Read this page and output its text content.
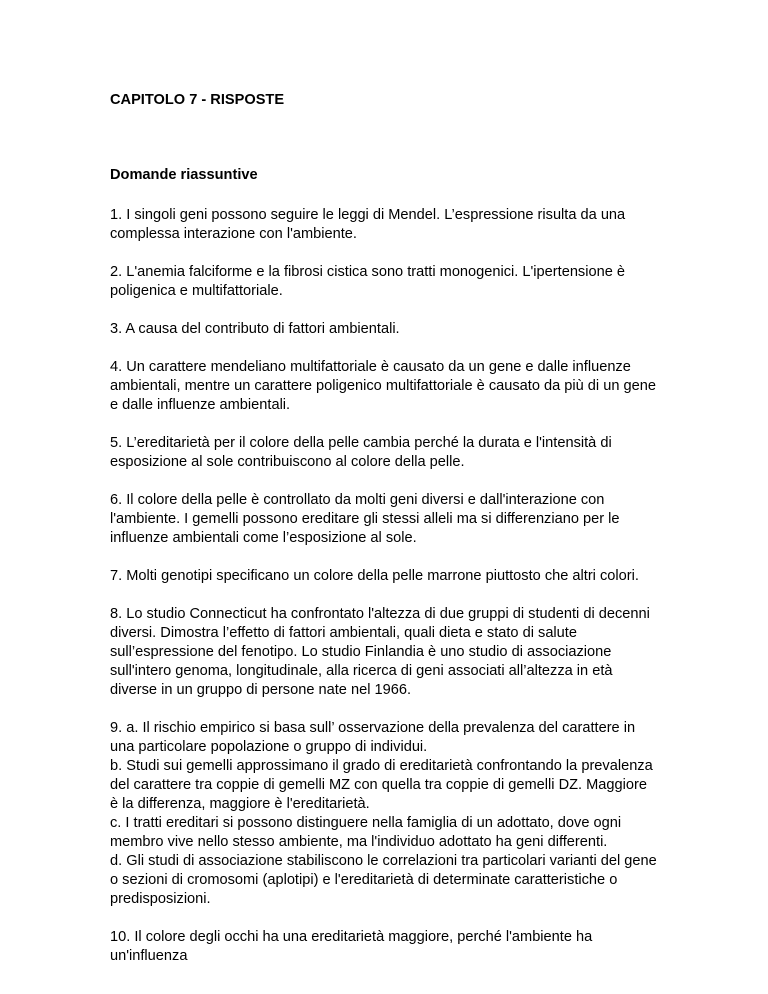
CAPITOLO 7 - RISPOSTE

Domande riassuntive

1. I singoli geni possono seguire le leggi di Mendel. L’espressione risulta da una complessa interazione con l'ambiente.

2. L'anemia falciforme e la fibrosi cistica sono tratti monogenici. L'ipertensione è poligenica e multifattoriale.

3. A causa del contributo di fattori ambientali.

4. Un carattere mendeliano multifattoriale è causato da un gene e dalle influenze ambientali, mentre un carattere poligenico multifattoriale è causato da più di un gene e dalle influenze ambientali.

5. L’ereditarietà per il colore della pelle cambia perché la durata e l'intensità di esposizione al sole contribuiscono al colore della pelle.

6. Il colore della pelle è controllato da molti geni diversi e dall'interazione con l'ambiente. I gemelli possono ereditare gli stessi alleli ma si differenziano per le influenze ambientali come l’esposizione al sole.

7. Molti genotipi specificano un colore della pelle marrone piuttosto che altri colori.

8. Lo studio Connecticut ha confrontato l'altezza di due gruppi di studenti di decenni diversi. Dimostra l’effetto di fattori ambientali, quali dieta e stato di salute sull’espressione del fenotipo. Lo studio Finlandia è uno studio di associazione sull'intero genoma, longitudinale, alla ricerca di geni associati all’altezza in età diverse in un gruppo di persone nate nel 1966.

9. a. Il rischio empirico si basa sull’ osservazione della prevalenza del carattere in una particolare popolazione o gruppo di individui.

b. Studi sui gemelli approssimano il grado di ereditarietà confrontando la prevalenza del carattere tra coppie di gemelli MZ con quella tra coppie di gemelli DZ. Maggiore è la differenza, maggiore è l'ereditarietà.

c. I tratti ereditari si possono distinguere nella famiglia di un adottato, dove ogni membro vive nello stesso ambiente, ma l'individuo adottato ha geni differenti.

d. Gli studi di associazione stabiliscono le correlazioni tra particolari varianti del gene o sezioni di cromosomi (aplotipi) e l'ereditarietà di determinate caratteristiche o predisposizioni.

10. Il colore degli occhi ha una ereditarietà maggiore, perché l'ambiente ha un'influenza
